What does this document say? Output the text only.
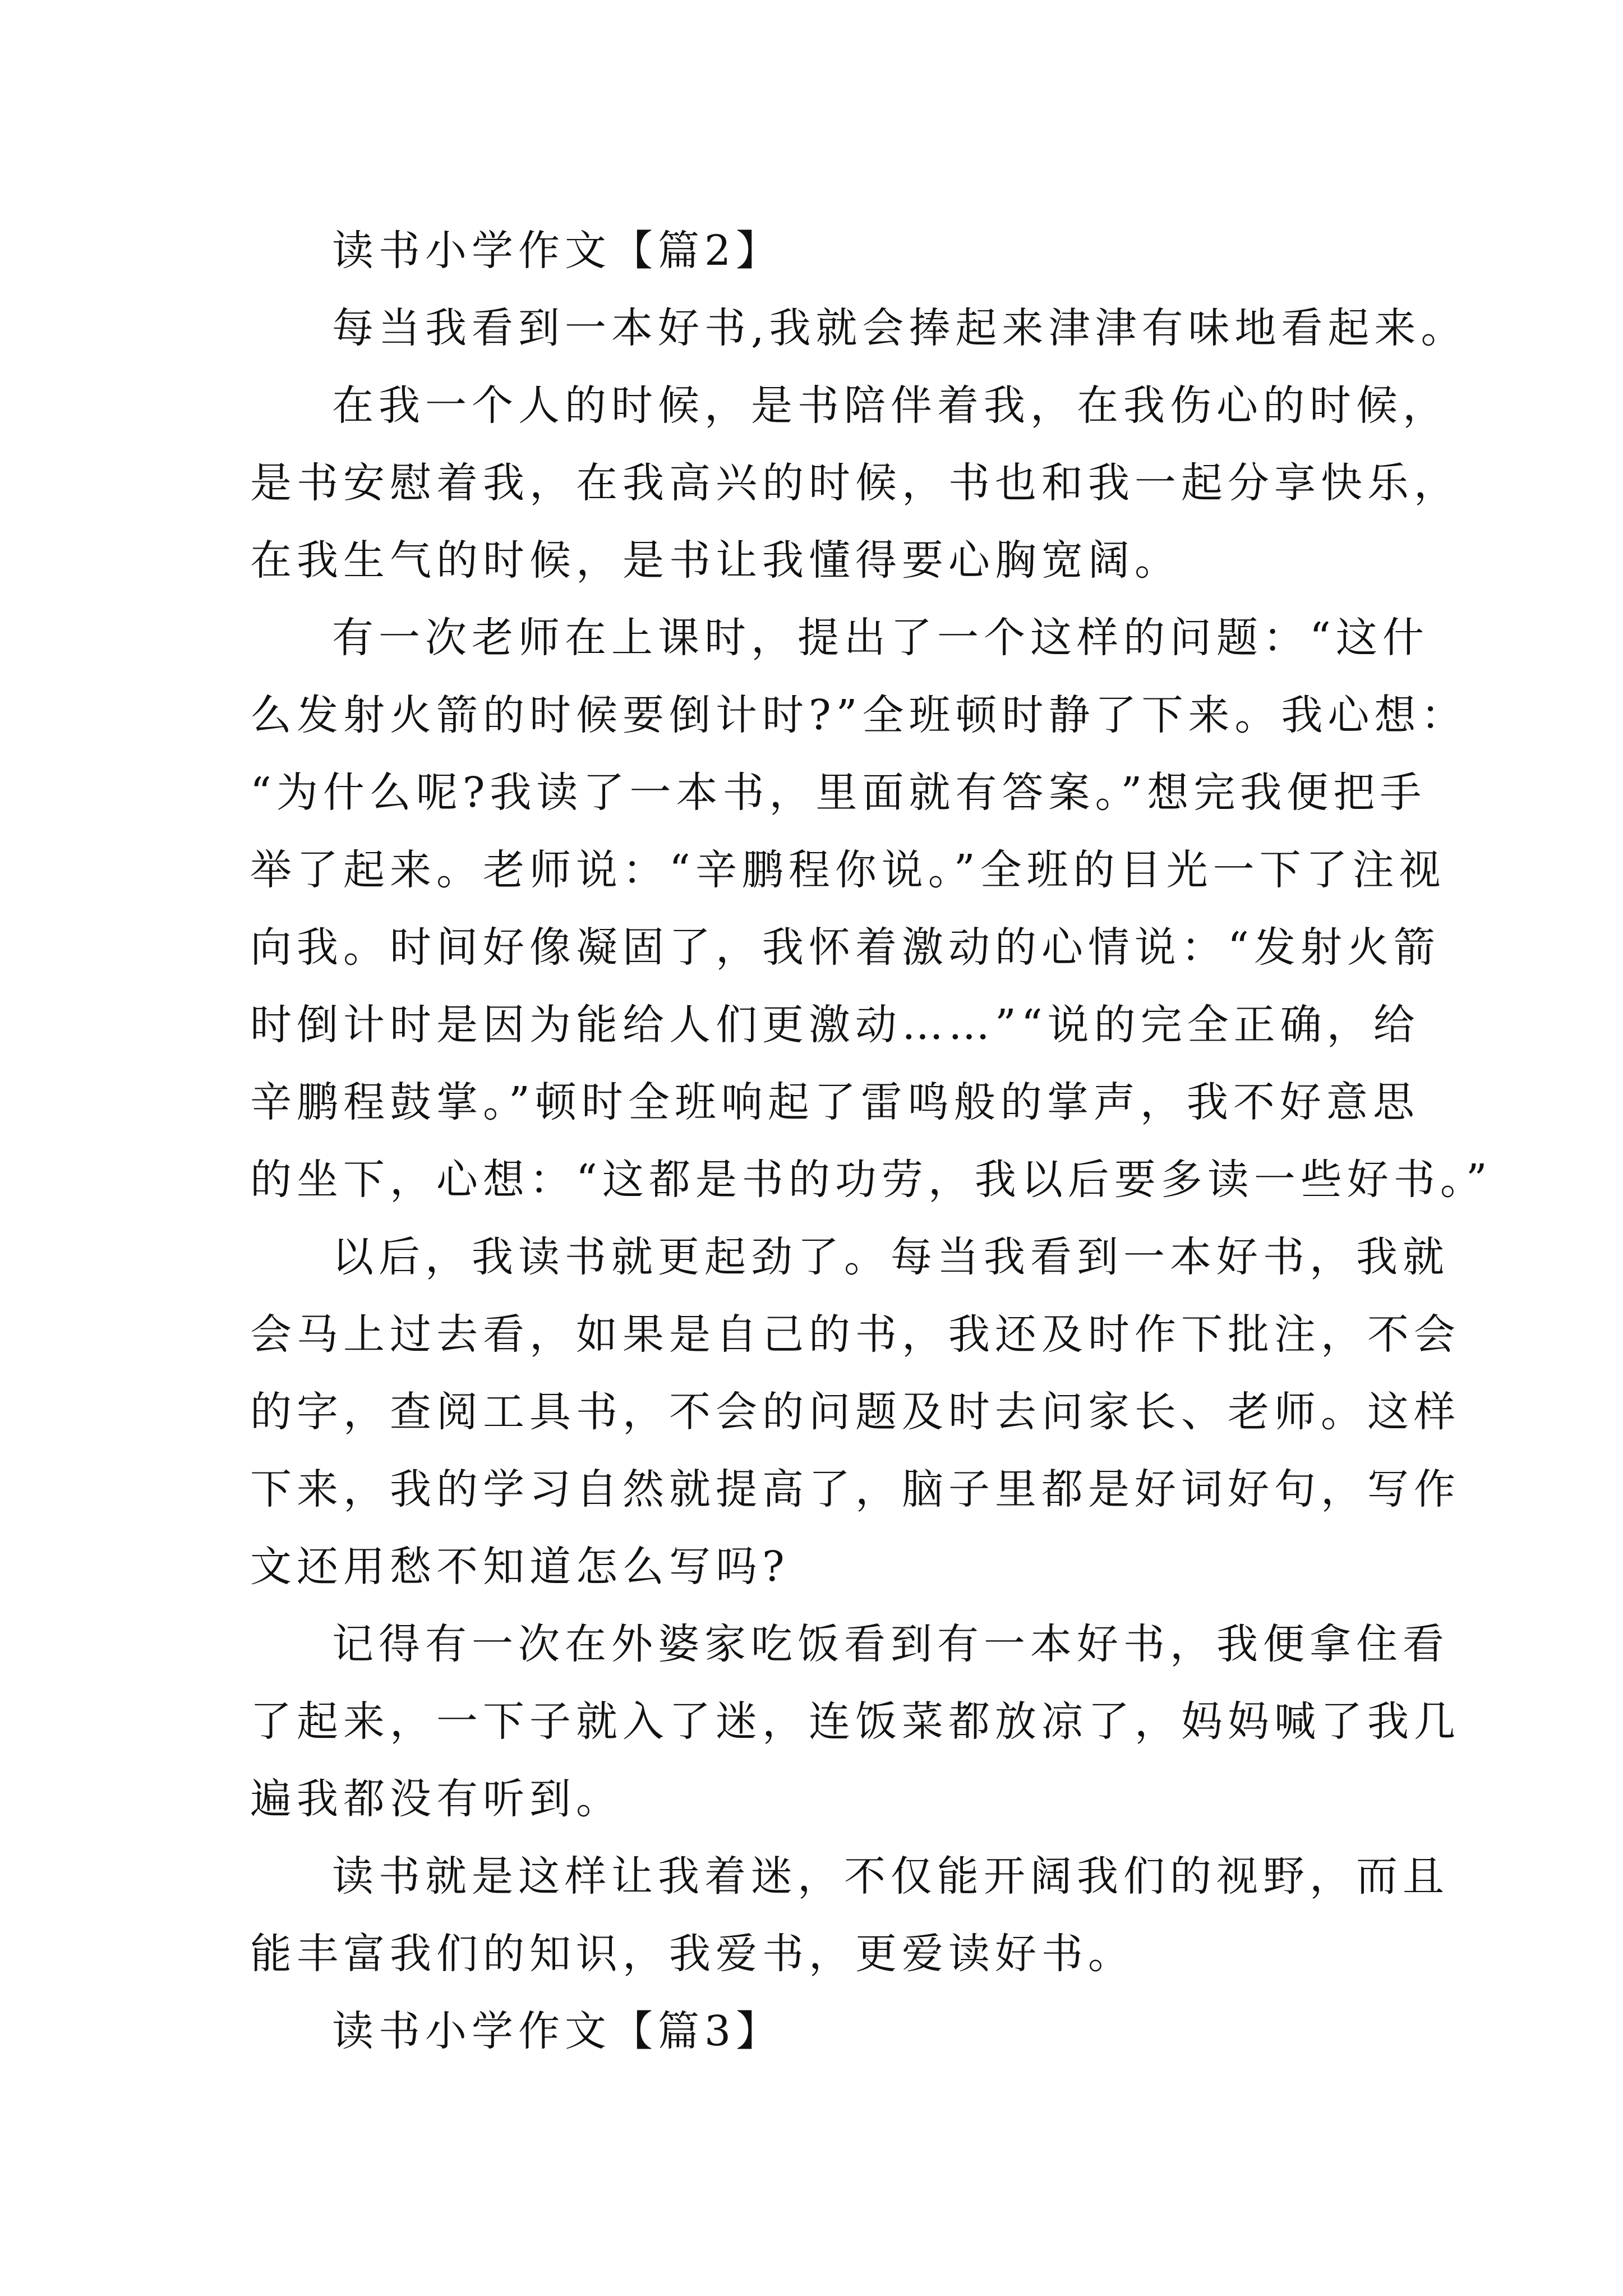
读书小学作文【篇2】
每当我看到一本好书,我就会捧起来津津有味地看起来。
在我一个人的时候，是书陪伴着我，在我伤心的时候，
是书安慰着我，在我高兴的时候，书也和我一起分享快乐，
在我生气的时候，是书让我懂得要心胸宽阔。
有一次老师在上课时，提出了一个这样的问题：“这什
么发射火箭的时候要倒计时?”全班顿时静了下来。我心想：
“为什么呢?我读了一本书，里面就有答案。”想完我便把手
举了起来。老师说：“辛鹏程你说。”全班的目光一下了注视
向我。时间好像凝固了，我怀着激动的心情说：“发射火箭
时倒计时是因为能给人们更激动……”“说的完全正确，给
辛鹏程鼓掌。”顿时全班响起了雷鸣般的掌声，我不好意思
的坐下，心想：“这都是书的功劳，我以后要多读一些好书。”
以后，我读书就更起劲了。每当我看到一本好书，我就
会马上过去看，如果是自己的书，我还及时作下批注，不会
的字，查阅工具书，不会的问题及时去问家长、老师。这样
下来，我的学习自然就提高了，脑子里都是好词好句，写作
文还用愁不知道怎么写吗?
记得有一次在外婆家吃饭看到有一本好书，我便拿住看
了起来，一下子就入了迷，连饭菜都放凉了，妈妈喊了我几
遍我都没有听到。
读书就是这样让我着迷，不仅能开阔我们的视野，而且
能丰富我们的知识，我爱书，更爱读好书。
读书小学作文【篇3】
